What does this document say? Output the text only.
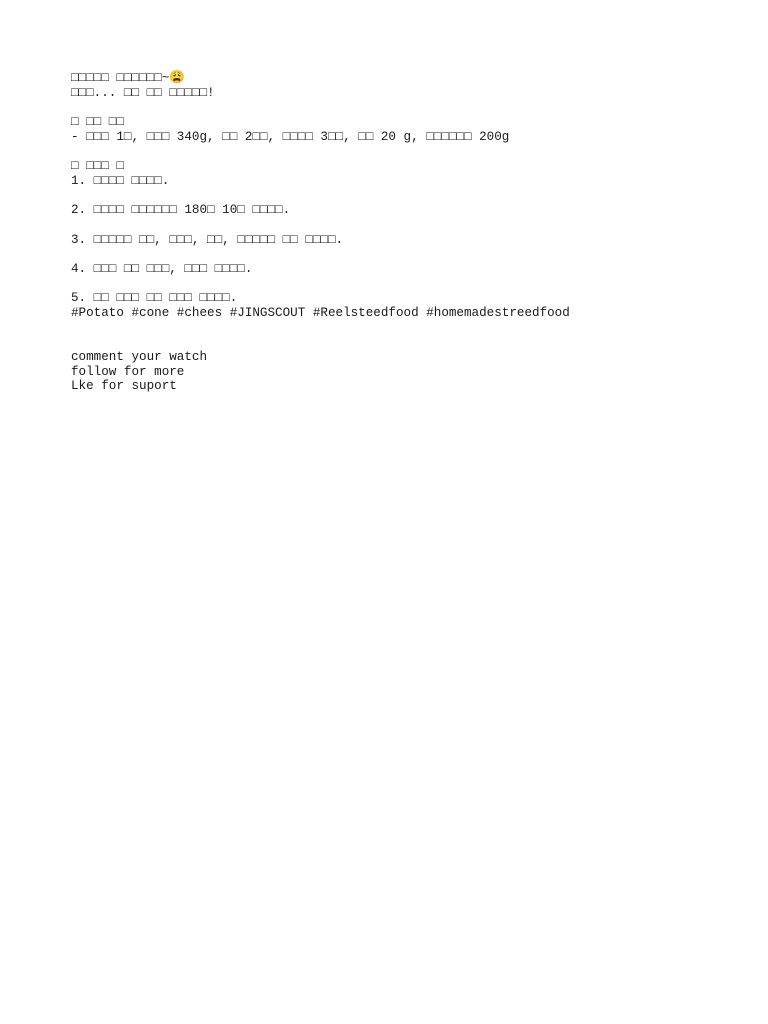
□□□□□ □□□□□□~😩
□□□... □□ □□ □□□□□!
□ □□ □□
- □□□ 1□, □□□ 340g, □□ 2□□, □□□□ 3□□, □□ 20 g, □□□□□□ 200g
□ □□□ □
1. □□□□ □□□□.
2. □□□□ □□□□□□ 180□ 10□ □□□□.
3. □□□□□ □□, □□□, □□, □□□□□ □□ □□□□.
4. □□□ □□ □□□, □□□ □□□□.
5. □□ □□□ □□ □□□ □□□□.
#Potato #cone #chees #JINGSCOUT #Reelsteedfood #homemadestreedfood
comment your watch
follow for more
Lke for suport
